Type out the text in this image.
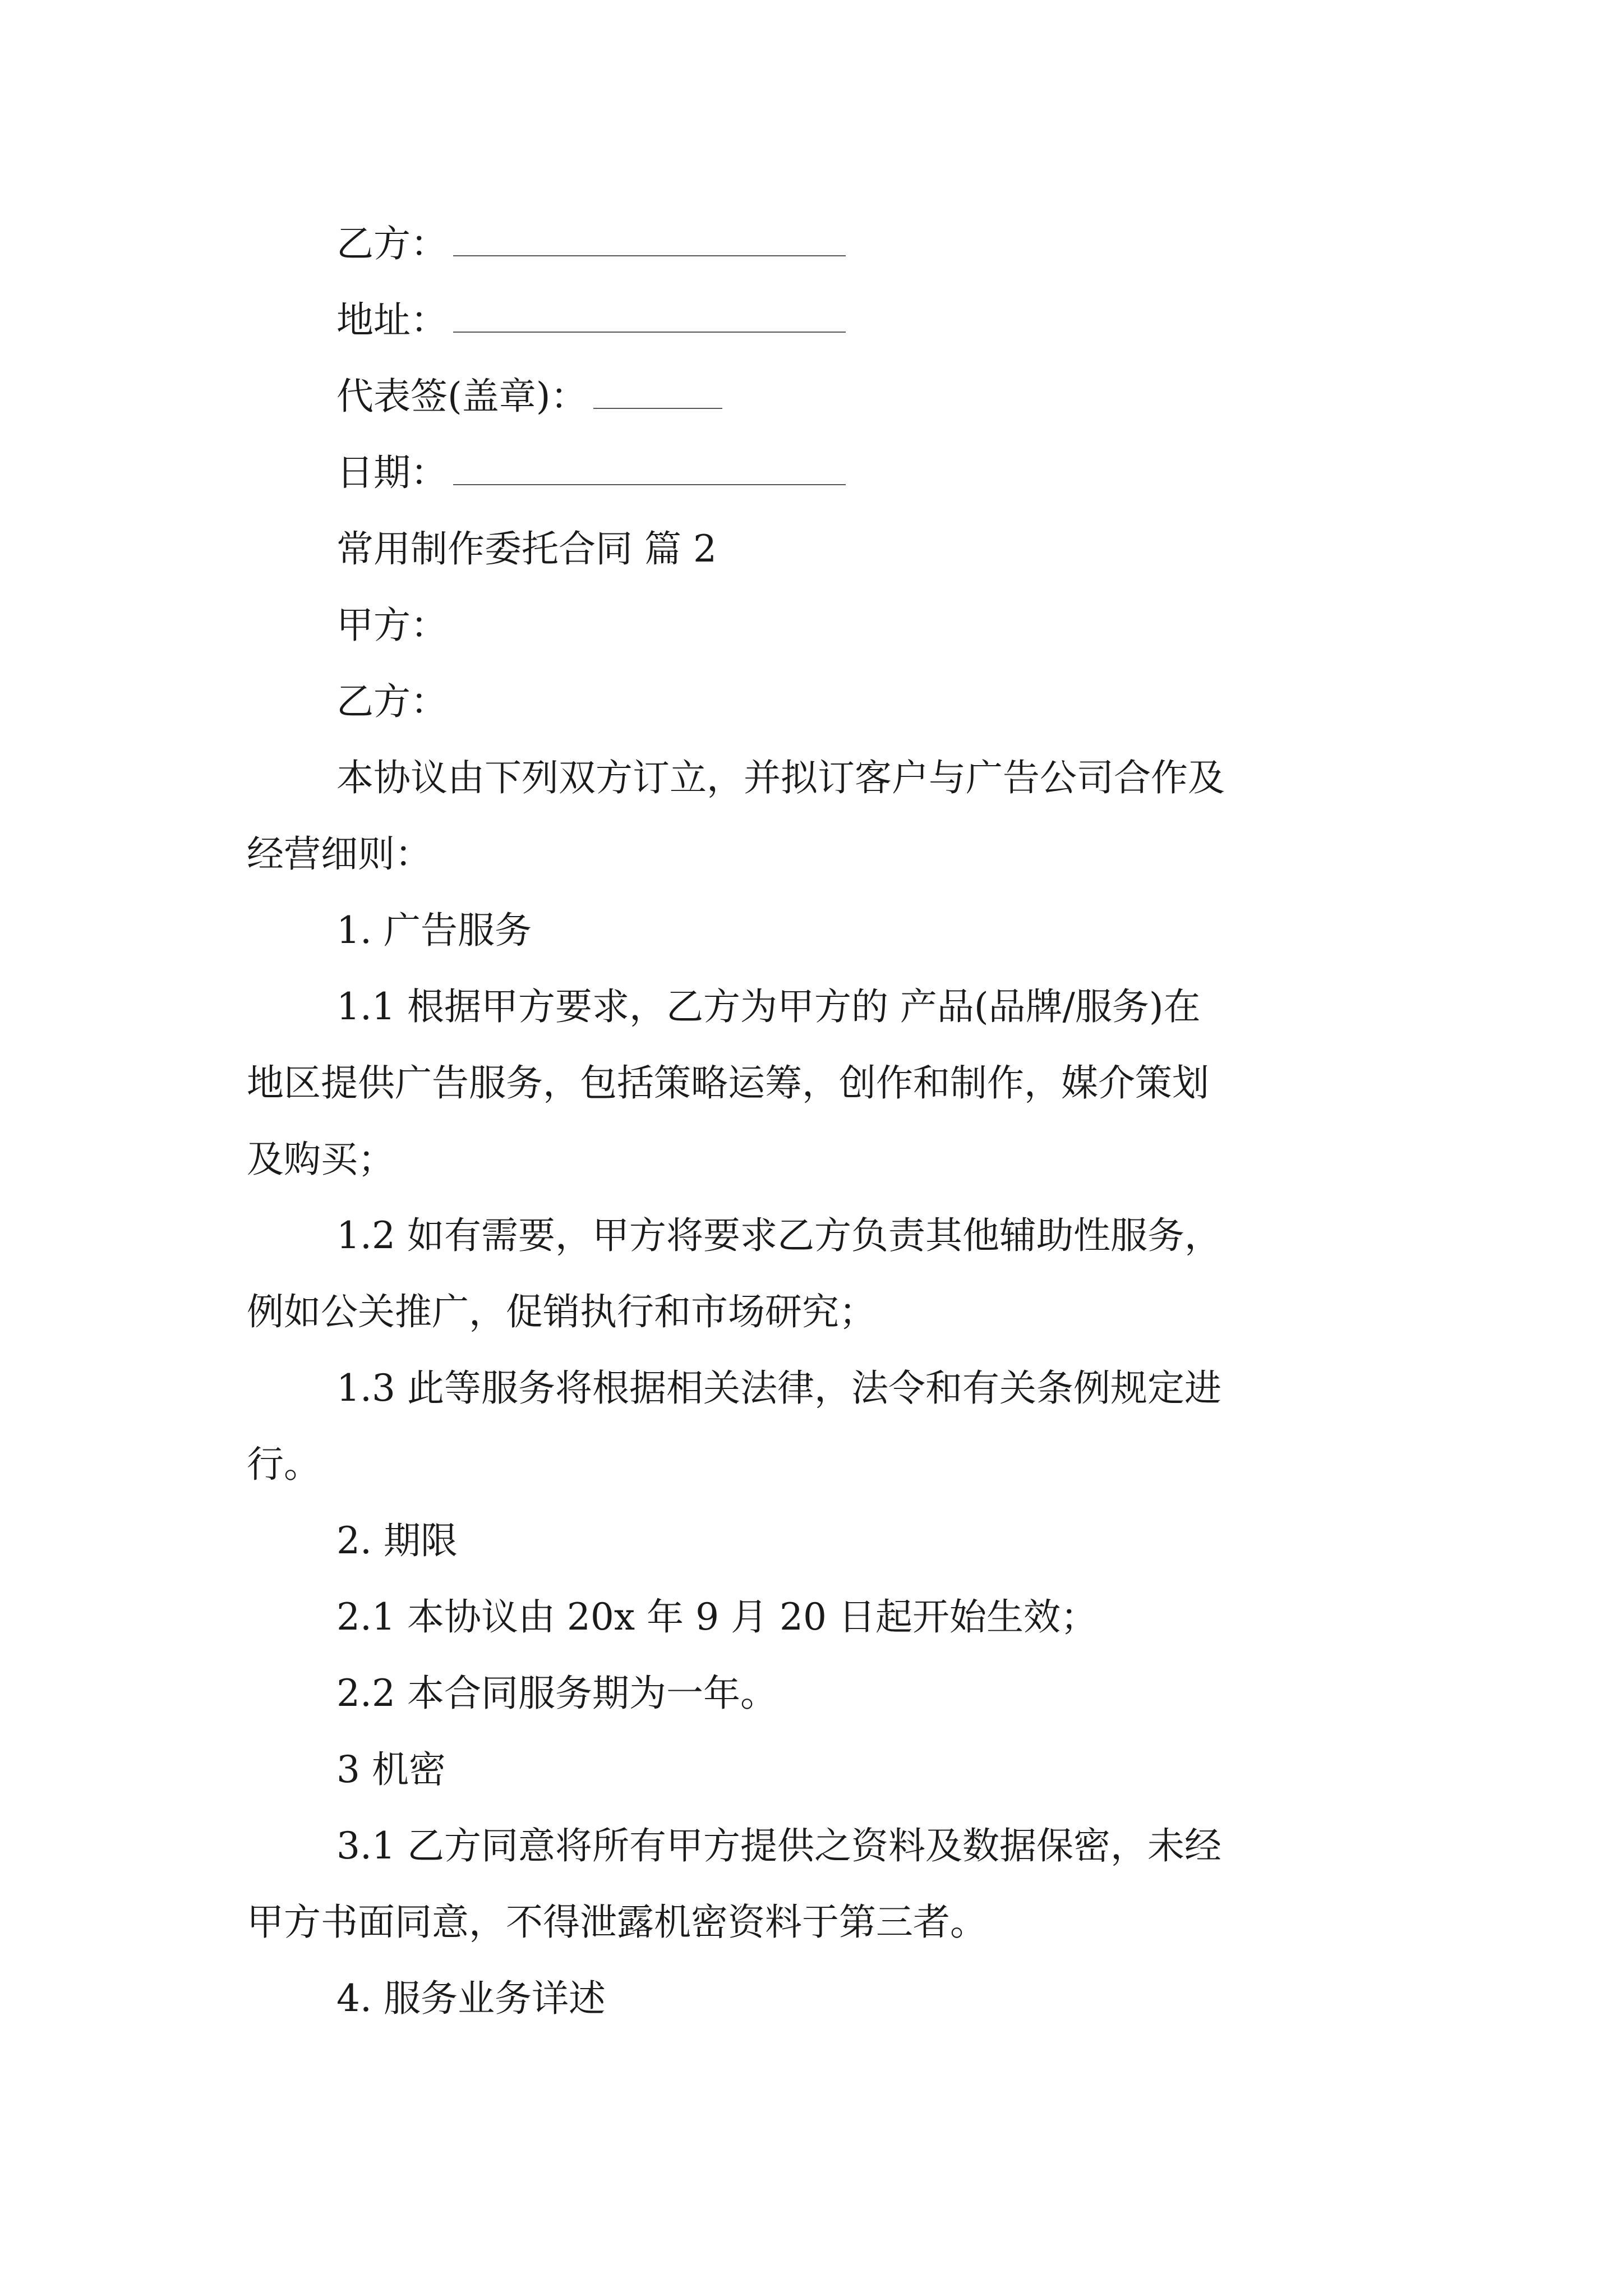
乙方：
地址：
代表签(盖章)：
日期：
常用制作委托合同 篇 2
甲方：
乙方：
本协议由下列双方订立，并拟订客户与广告公司合作及
经营细则：
1. 广告服务
1.1 根据甲方要求，乙方为甲方的 产品(品牌/服务)在
地区提供广告服务，包括策略运筹，创作和制作，媒介策划
及购买；
1.2 如有需要，甲方将要求乙方负责其他辅助性服务，
例如公关推广，促销执行和市场研究；
1.3 此等服务将根据相关法律，法令和有关条例规定进
行。
2. 期限
2.1 本协议由 20x 年 9 月 20 日起开始生效；
2.2 本合同服务期为一年。
3 机密
3.1 乙方同意将所有甲方提供之资料及数据保密，未经
甲方书面同意，不得泄露机密资料于第三者。
4. 服务业务详述
